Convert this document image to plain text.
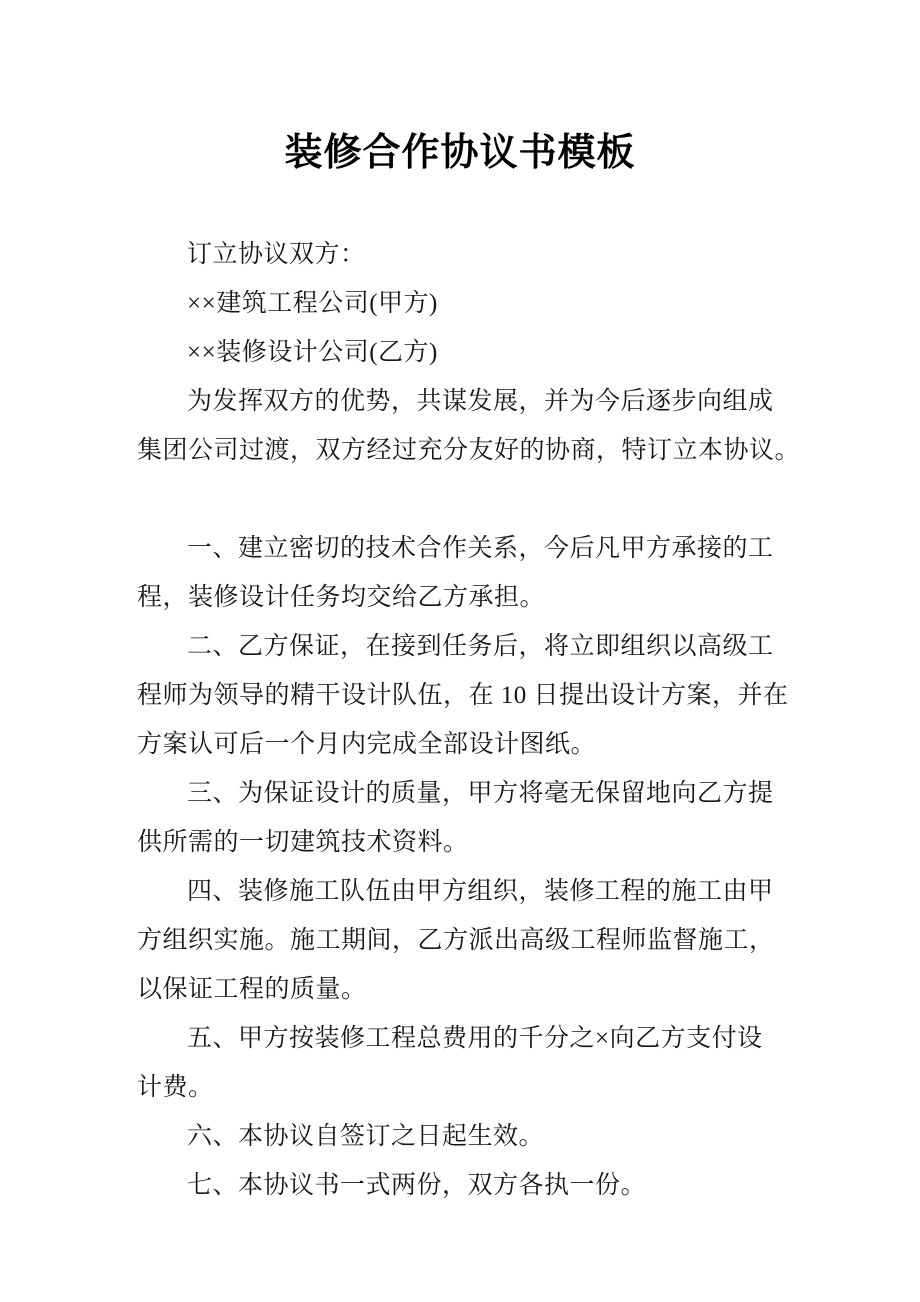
装修合作协议书模板
订立协议双方：
××建筑工程公司(甲方)
××装修设计公司(乙方)
为发挥双方的优势，共谋发展，并为今后逐步向组成
集团公司过渡，双方经过充分友好的协商，特订立本协议。
一、建立密切的技术合作关系，今后凡甲方承接的工
程，装修设计任务均交给乙方承担。
二、乙方保证，在接到任务后，将立即组织以高级工
程师为领导的精干设计队伍，在 10 日提出设计方案，并在
方案认可后一个月内完成全部设计图纸。
三、为保证设计的质量，甲方将毫无保留地向乙方提
供所需的一切建筑技术资料。
四、装修施工队伍由甲方组织，装修工程的施工由甲
方组织实施。施工期间，乙方派出高级工程师监督施工，
以保证工程的质量。
五、甲方按装修工程总费用的千分之×向乙方支付设
计费。
六、本协议自签订之日起生效。
七、本协议书一式两份，双方各执一份。
